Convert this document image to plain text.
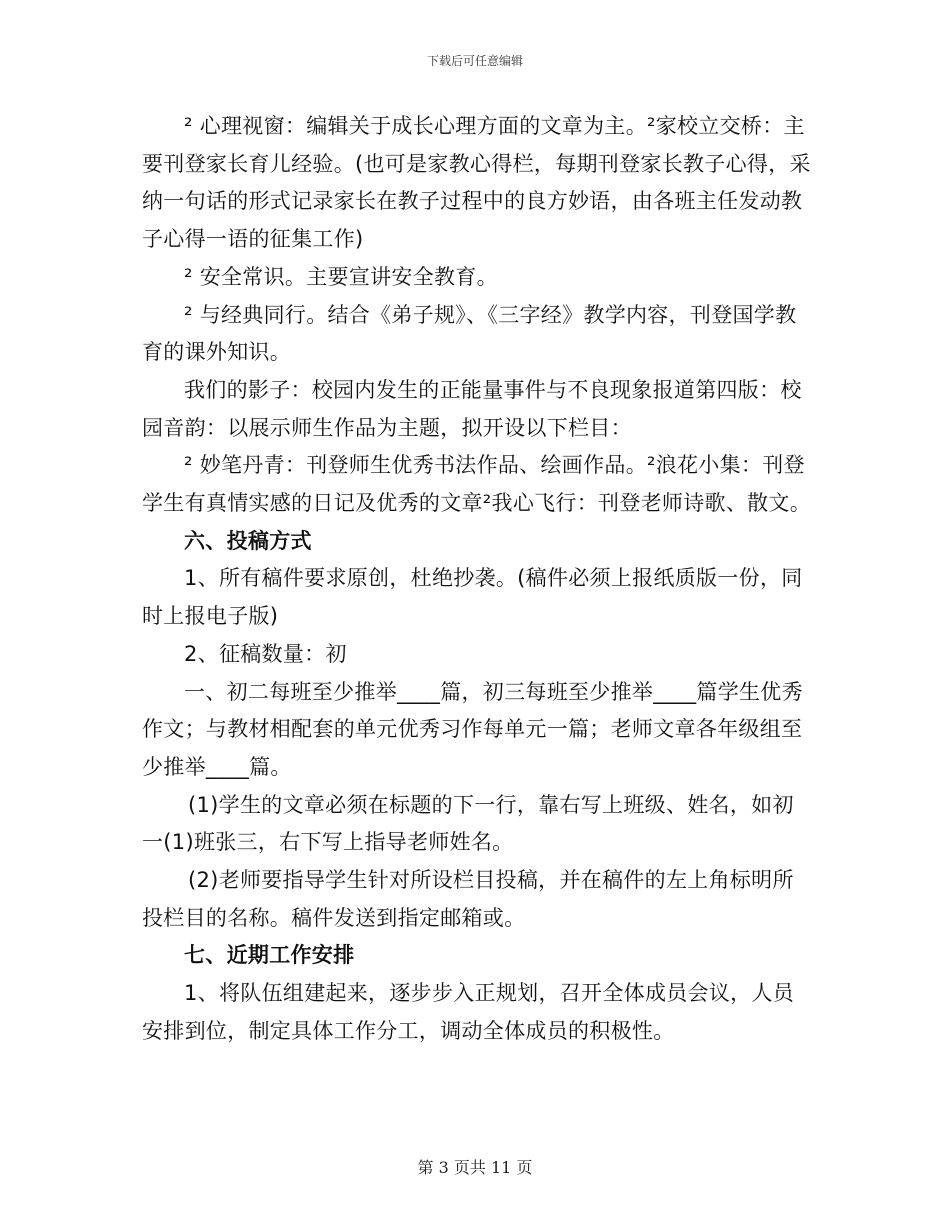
下载后可任意编辑

² 心理视窗：编辑关于成长心理方面的文章为主。²家校立交桥：主要刊登家长育儿经验。(也可是家教心得栏，每期刊登家长教子心得，采纳一句话的形式记录家长在教子过程中的良方妙语，由各班主任发动教子心得一语的征集工作)

² 安全常识。主要宣讲安全教育。

² 与经典同行。结合《弟子规》、《三字经》教学内容，刊登国学教育的课外知识。

我们的影子：校园内发生的正能量事件与不良现象报道第四版：校园音韵：以展示师生作品为主题，拟开设以下栏目：

² 妙笔丹青：刊登师生优秀书法作品、绘画作品。²浪花小集：刊登学生有真情实感的日记及优秀的文章²我心飞行：刊登老师诗歌、散文。

六、投稿方式

1、所有稿件要求原创，杜绝抄袭。(稿件必须上报纸质版一份，同时上报电子版)

2、征稿数量：初

一、初二每班至少推举____篇，初三每班至少推举____篇学生优秀作文；与教材相配套的单元优秀习作每单元一篇；老师文章各年级组至少推举____篇。

(1)学生的文章必须在标题的下一行，靠右写上班级、姓名，如初一(1)班张三，右下写上指导老师姓名。

(2)老师要指导学生针对所设栏目投稿，并在稿件的左上角标明所投栏目的名称。稿件发送到指定邮箱或。

七、近期工作安排

1、将队伍组建起来，逐步步入正规划，召开全体成员会议，人员安排到位，制定具体工作分工，调动全体成员的积极性。

第 3 页共 11 页
